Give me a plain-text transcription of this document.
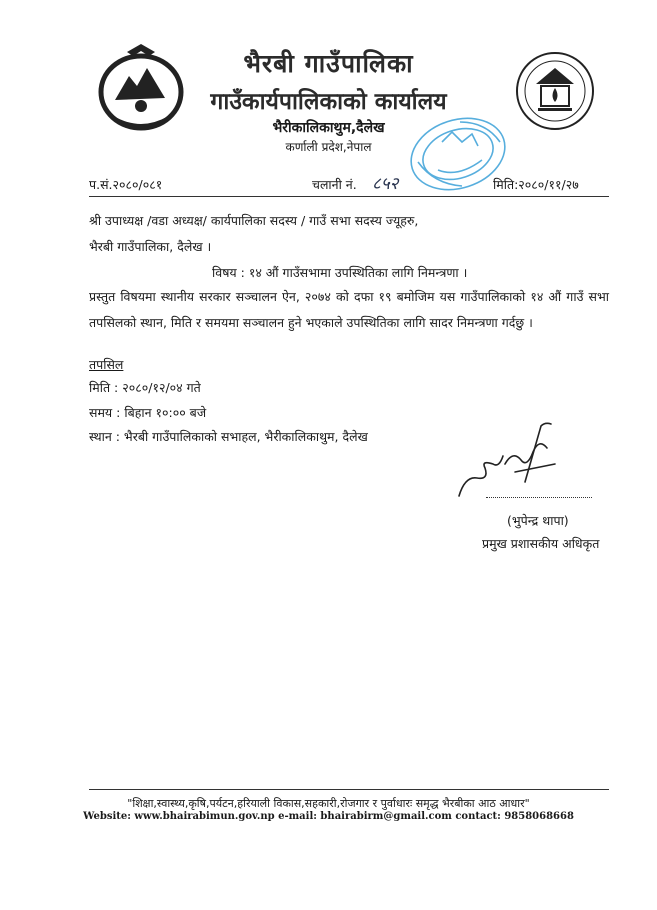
भैरबी गाउँपालिका
गाउँकार्यपालिकाको कार्यालय
भैरीकालिकाथुम,दैलेख
कर्णाली प्रदेश,नेपाल
प.सं.२०८०/०८१	चलानी नं. ८५२	मिति:२०८०/११/२७
श्री उपाध्यक्ष /वडा अध्यक्ष/ कार्यपालिका सदस्य / गाउँ सभा सदस्य ज्यूहरु,
भैरबी गाउँपालिका, दैलेख ।
विषय : १४ औं गाउँसभामा उपस्थितिका लागि निमन्त्रणा ।
प्रस्तुत विषयमा स्थानीय सरकार सञ्चालन ऐन, २०७४ को दफा १९ बमोजिम यस गाउँपालिकाको १४ औं गाउँ सभा तपसिलको स्थान, मिति र समयमा सञ्चालन हुने भएकाले उपस्थितिका लागि सादर निमन्त्रणा गर्दछु ।
तपसिल
मिति : २०८०/१२/०४ गते
समय : बिहान १०:०० बजे
स्थान : भैरबी गाउँपालिकाको सभाहल, भैरीकालिकाथुम, दैलेख
(भुपेन्द्र थापा)
प्रमुख प्रशासकीय अधिकृत
"शिक्षा,स्वास्थ्य,कृषि,पर्यटन,हरियाली विकास,सहकारी,रोजगार र पुर्वाधारः समृद्ध भैरबीका आठ आधार"
Website: www.bhairabimun.gov.np e-mail: bhairabirm@gmail.com contact: 9858068668
